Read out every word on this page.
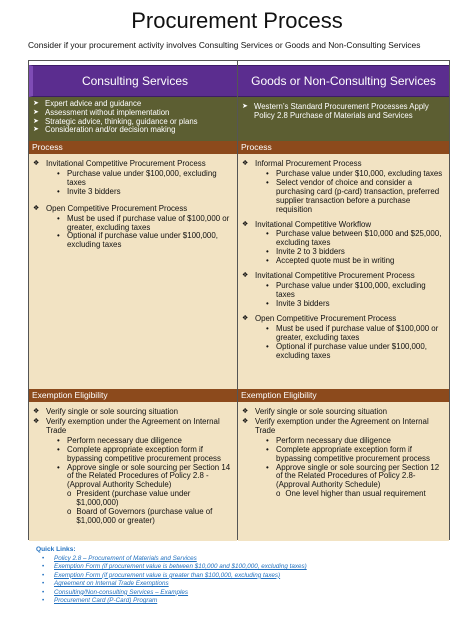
Procurement Process
Consider if your procurement activity involves Consulting Services or Goods and Non-Consulting Services
Consulting Services
➤ Expert advice and guidance
➤ Assessment without implementation
➤ Strategic advice, thinking, guidance or plans
➤ Consideration and/or decision making
Process
❖ Invitational Competitive Procurement Process
• Purchase value under $100,000, excluding taxes
• Invite 3 bidders
❖ Open Competitive Procurement Process
• Must be used if purchase value of $100,000 or greater, excluding taxes
• Optional if purchase value under $100,000, excluding taxes
Exemption Eligibility
❖ Verify single or sole sourcing situation
❖ Verify exemption under the Agreement on Internal Trade
• Perform necessary due diligence
• Complete appropriate exception form if bypassing competitive procurement process
• Approve single or sole sourcing per Section 14 of the Related Procedures of Policy 2.8 - (Approval Authority Schedule)
o President (purchase value under $1,000,000)
o Board of Governors (purchase value of $1,000,000 or greater)
Goods or Non-Consulting Services
➤ Western’s Standard Procurement Processes Apply Policy 2.8 Purchase of Materials and Services
Process
❖ Informal Procurement Process
• Purchase value under $10,000, excluding taxes
• Select vendor of choice and consider a purchasing card (p-card) transaction, preferred supplier transaction before a purchase requisition
❖ Invitational Competitive Workflow
• Purchase value between $10,000 and $25,000, excluding taxes
• Invite 2 to 3 bidders
• Accepted quote must be in writing
❖ Invitational Competitive Procurement Process
• Purchase value under $100,000, excluding taxes
• Invite 3 bidders
❖ Open Competitive Procurement Process
• Must be used if purchase value of $100,000 or greater, excluding taxes
• Optional if purchase value under $100,000, excluding taxes
Exemption Eligibility
❖ Verify single or sole sourcing situation
❖ Verify exemption under the Agreement on Internal Trade
• Perform necessary due diligence
• Complete appropriate exception form if bypassing competitive procurement process
• Approve single or sole sourcing per Section 12 of the Related Procedures of Policy 2.8- (Approval Authority Schedule)
o One level higher than usual requirement
Quick Links:
• Policy 2.8 – Procurement of Materials and Services
• Exemption Form (if procurement value is between $10,000 and $100,000, excluding taxes)
• Exemption Form (if procurement value is greater than $100,000, excluding taxes)
• Agreement on Internal Trade Exemptions
• Consulting/Non-consulting Services – Examples
• Procurement Card (P-Card) Program
